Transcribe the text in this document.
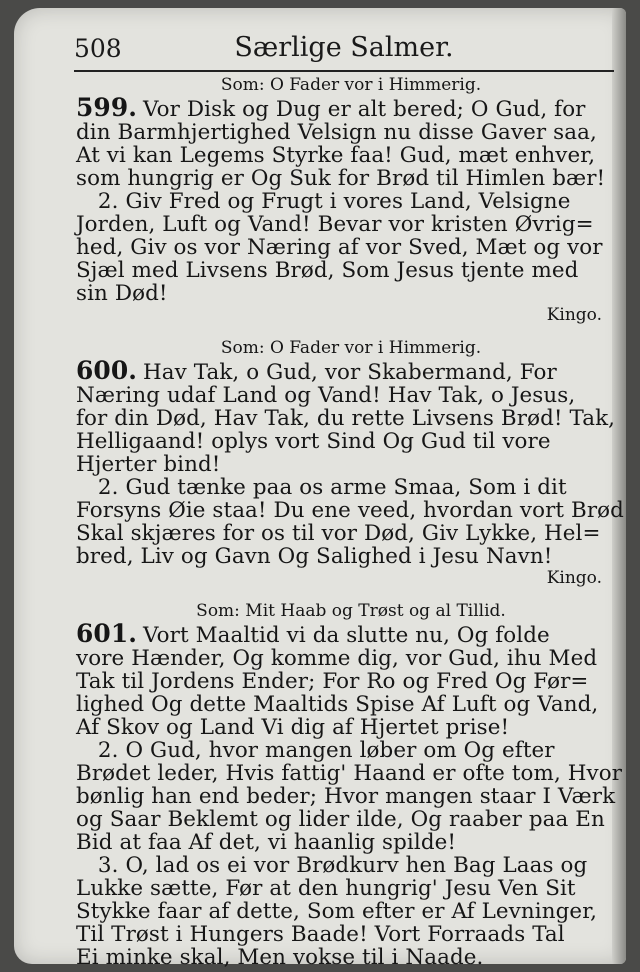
508	Særlige Salmer.

Som: O Fader vor i Himmerig.

599. Vor Disk og Dug er alt bered; O Gud, for

din Barmhjertighed Velsign nu disse Gaver saa,

At vi kan Legems Styrke faa! Gud, mæt enhver,

som hungrig er Og Suk for Brød til Himlen bær!

2. Giv Fred og Frugt i vores Land, Velsigne

Jorden, Luft og Vand! Bevar vor kristen Øvrig=

hed, Giv os vor Næring af vor Sved, Mæt og vor

Sjæl med Livsens Brød, Som Jesus tjente med

sin Død!

Kingo.

Som: O Fader vor i Himmerig.

600. Hav Tak, o Gud, vor Skabermand, For

Næring udaf Land og Vand! Hav Tak, o Jesus,

for din Død, Hav Tak, du rette Livsens Brød! Tak,

Helligaand! oplys vort Sind Og Gud til vore

Hjerter bind!

2. Gud tænke paa os arme Smaa, Som i dit

Forsyns Øie staa! Du ene veed, hvordan vort Brød

Skal skjæres for os til vor Død, Giv Lykke, Hel=

bred, Liv og Gavn Og Salighed i Jesu Navn!

Kingo.

Som: Mit Haab og Trøst og al Tillid.

601. Vort Maaltid vi da slutte nu, Og folde

vore Hænder, Og komme dig, vor Gud, ihu Med

Tak til Jordens Ender; For Ro og Fred Og Før=

lighed Og dette Maaltids Spise Af Luft og Vand,

Af Skov og Land Vi dig af Hjertet prise!

2. O Gud, hvor mangen løber om Og efter

Brødet leder, Hvis fattig' Haand er ofte tom, Hvor

bønlig han end beder; Hvor mangen staar I Værk

og Saar Beklemt og lider ilde, Og raaber paa En

Bid at faa Af det, vi haanlig spilde!

3. O, lad os ei vor Brødkurv hen Bag Laas og

Lukke sætte, Før at den hungrig' Jesu Ven Sit

Stykke faar af dette, Som efter er Af Levninger,

Til Trøst i Hungers Baade! Vort Forraads Tal

Ei minke skal, Men vokse til i Naade.
